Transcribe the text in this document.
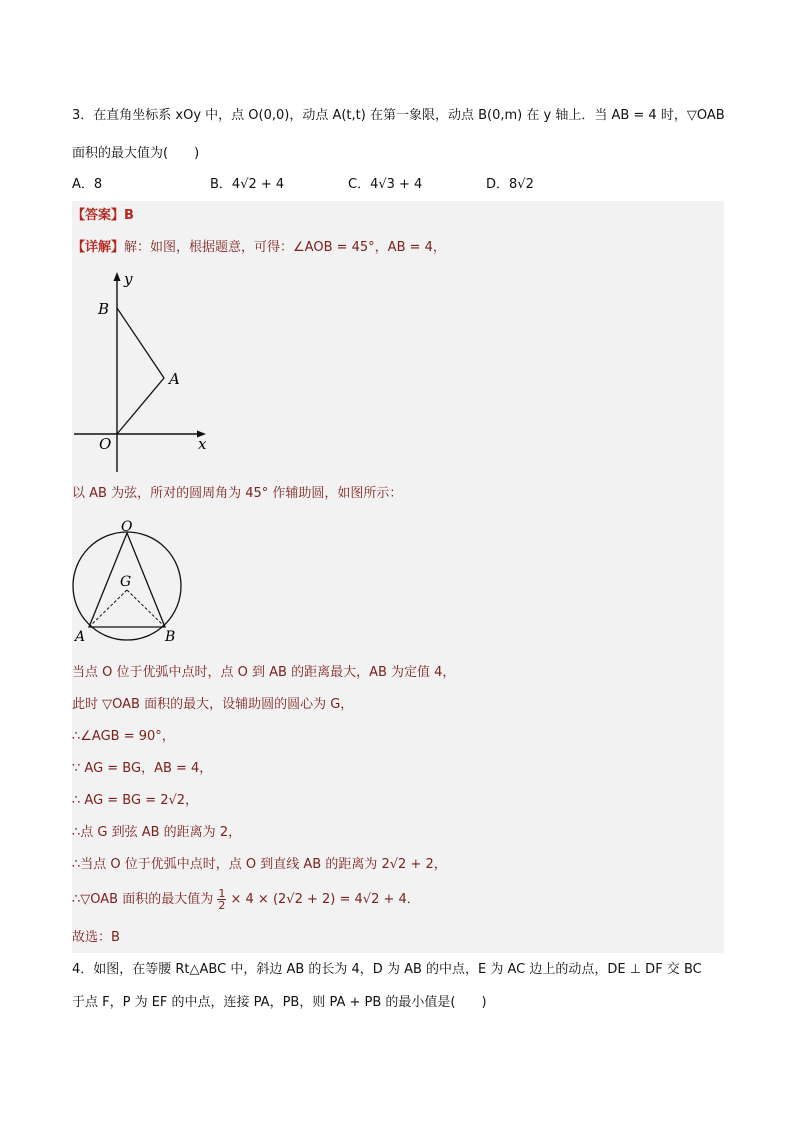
3．在直角坐标系 xOy 中，点 O(0,0)，动点 A(t,t) 在第一象限，动点 B(0,m) 在 y 轴上．当 AB = 4 时，▽OAB
面积的最大值为(　　)
A．8	B．4√2 + 4	C．4√3 + 4	D．8√2
【答案】B
【详解】解：如图，根据题意，可得：∠AOB = 45°，AB = 4，
y
x
B
A
O
以 AB 为弦，所对的圆周角为 45° 作辅助圆，如图所示：
O
G
A	B
当点 O 位于优弧中点时，点 O 到 AB 的距离最大，AB 为定值 4，
此时 ▽OAB 面积的最大，设辅助圆的圆心为 G，
∴∠AGB = 90°，
∵ AG = BG，AB = 4，
∴ AG = BG = 2√2，
∴点 G 到弦 AB 的距离为 2，
∴当点 O 位于优弧中点时，点 O 到直线 AB 的距离为 2√2 + 2，
∴▽OAB 面积的最大值为 $\frac{1}{2} \times 4 \times (2√2 + 2) = 4√2 + 4$．
故选：B
4．如图，在等腰 Rt△ABC 中，斜边 AB 的长为 4，D 为 AB 的中点，E 为 AC 边上的动点，DE ⊥ DF 交 BC
于点 F，P 为 EF 的中点，连接 PA，PB，则 PA + PB 的最小值是(　　)
